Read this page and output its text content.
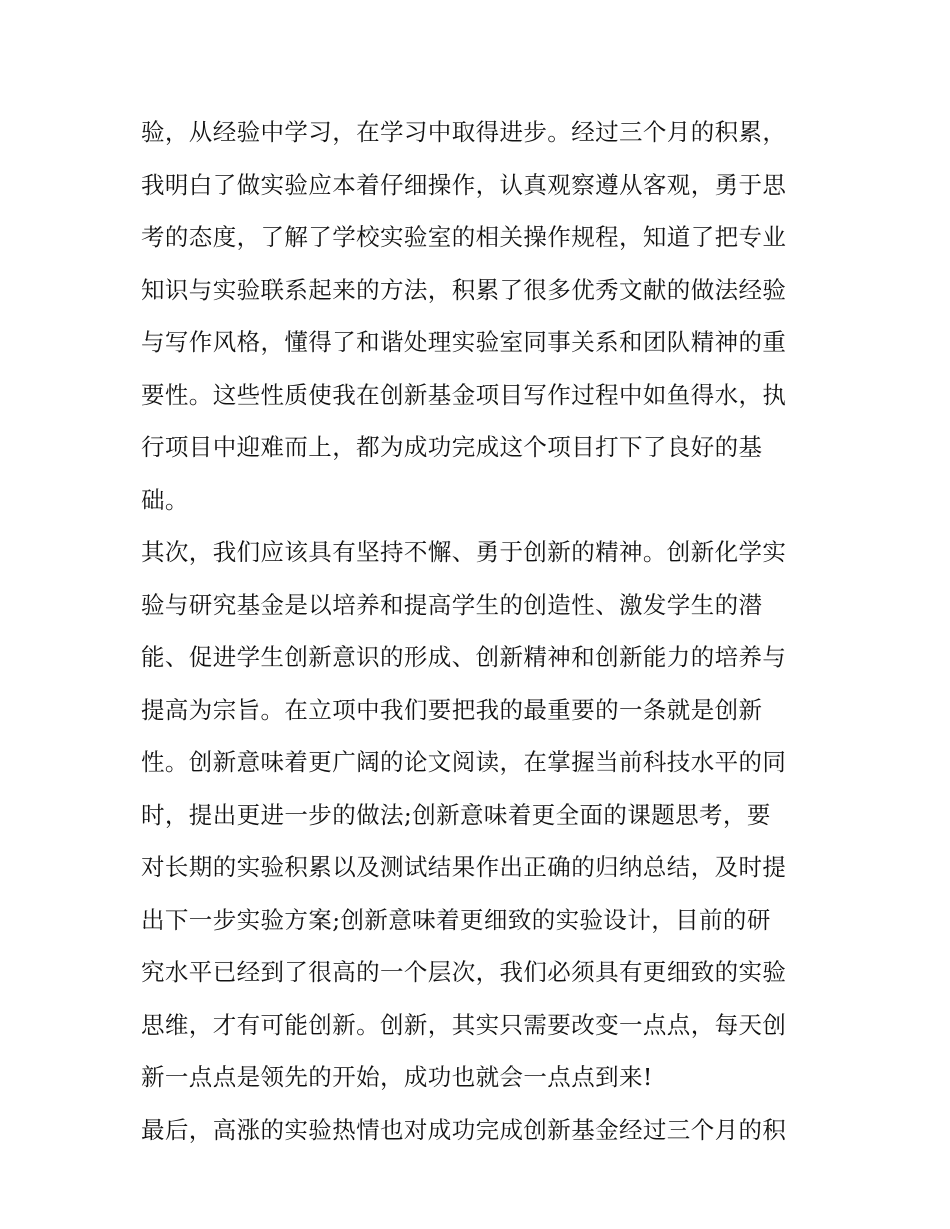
验，从经验中学习，在学习中取得进步。经过三个月的积累，
我明白了做实验应本着仔细操作，认真观察遵从客观，勇于思
考的态度，了解了学校实验室的相关操作规程，知道了把专业
知识与实验联系起来的方法，积累了很多优秀文献的做法经验
与写作风格，懂得了和谐处理实验室同事关系和团队精神的重
要性。这些性质使我在创新基金项目写作过程中如鱼得水，执
行项目中迎难而上，都为成功完成这个项目打下了良好的基
础。
其次，我们应该具有坚持不懈、勇于创新的精神。创新化学实
验与研究基金是以培养和提高学生的创造性、激发学生的潜
能、促进学生创新意识的形成、创新精神和创新能力的培养与
提高为宗旨。在立项中我们要把我的最重要的一条就是创新
性。创新意味着更广阔的论文阅读，在掌握当前科技水平的同
时，提出更进一步的做法;创新意味着更全面的课题思考，要
对长期的实验积累以及测试结果作出正确的归纳总结，及时提
出下一步实验方案;创新意味着更细致的实验设计，目前的研
究水平已经到了很高的一个层次，我们必须具有更细致的实验
思维，才有可能创新。创新，其实只需要改变一点点，每天创
新一点点是领先的开始，成功也就会一点点到来!
最后，高涨的实验热情也对成功完成创新基金经过三个月的积
